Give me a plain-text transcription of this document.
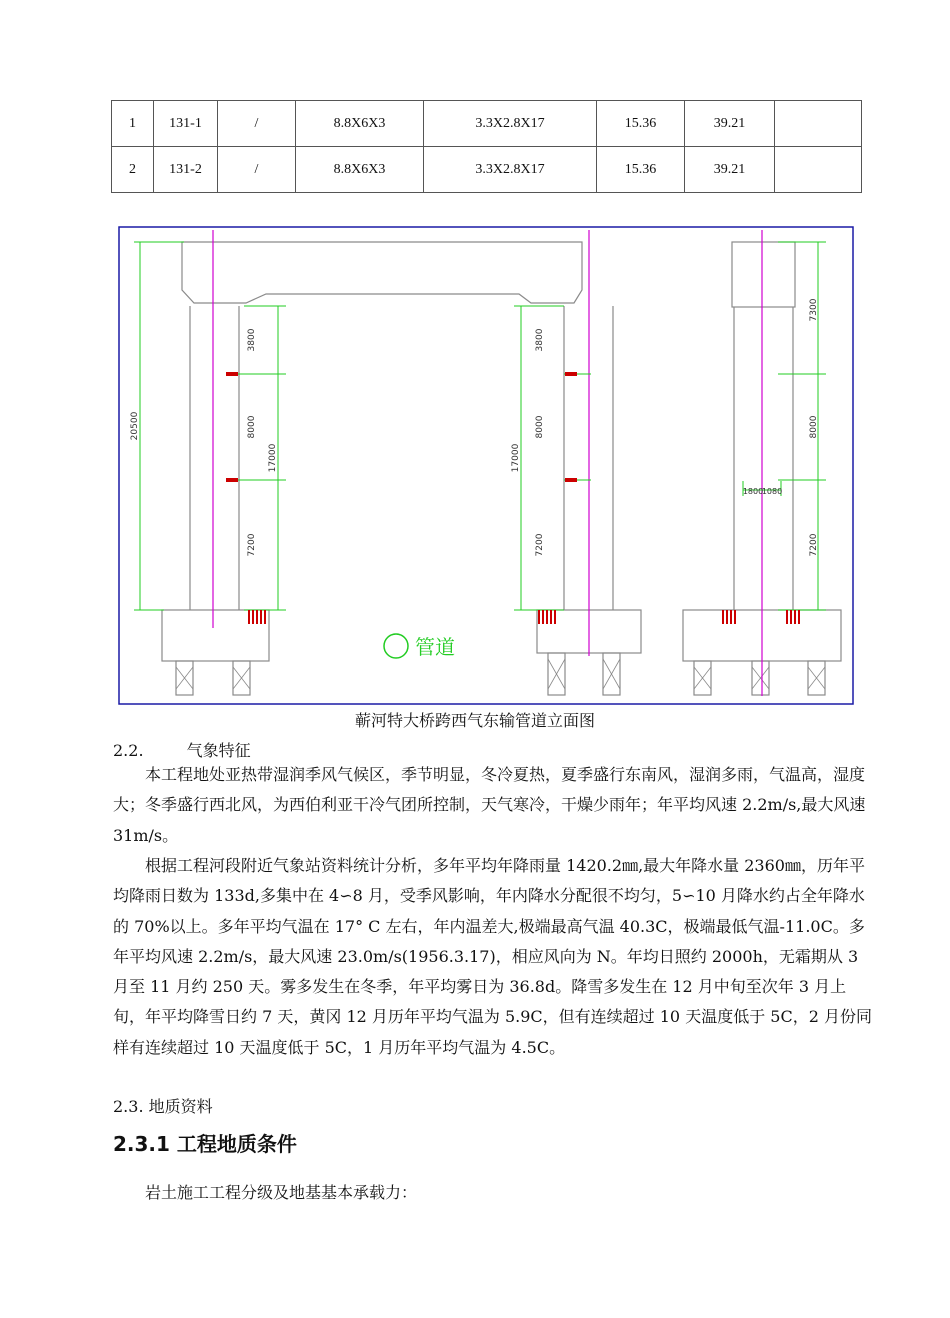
1	131-1	/	8.8X6X3	3.3X2.8X17	15.36	39.21	
2	131-2	/	8.8X6X3	3.3X2.8X17	15.36	39.21	
20500
17000
3800
8000
7200
17000
3800
8000
7200
7300
8000
7200
1800
1080
管道
蕲河特大桥跨西气东输管道立面图
2.2.	气象特征

本工程地处亚热带湿润季风气候区，季节明显，冬冷夏热，夏季盛行东南风，湿润多雨，气温高，湿度大；冬季盛行西北风，为西伯利亚干冷气团所控制，天气寒冷，干燥少雨年；年平均风速 2.2m/s,最大风速 31m/s。

根据工程河段附近气象站资料统计分析，多年平均年降雨量 1420.2㎜,最大年降水量 2360㎜，历年平均降雨日数为 133d,多集中在 4∽8 月，受季风影响，年内降水分配很不均匀，5∽10 月降水约占全年降水的 70%以上。多年平均气温在 17° C 左右，年内温差大,极端最高气温 40.3C，极端最低气温-11.0C。多年平均风速 2.2m/s，最大风速 23.0m/s(1956.3.17)，相应风向为 N。年均日照约 2000h，无霜期从 3 月至 11 月约 250 天。雾多发生在冬季，年平均雾日为 36.8d。降雪多发生在 12 月中旬至次年 3 月上旬，年平均降雪日约 7 天，黄冈 12 月历年平均气温为 5.9C，但有连续超过 10 天温度低于 5C，2 月份同样有连续超过 10 天温度低于 5C，1 月历年平均气温为 4.5C。

2.3. 地质资料
2.3.1 工程地质条件
岩土施工工程分级及地基基本承载力：
